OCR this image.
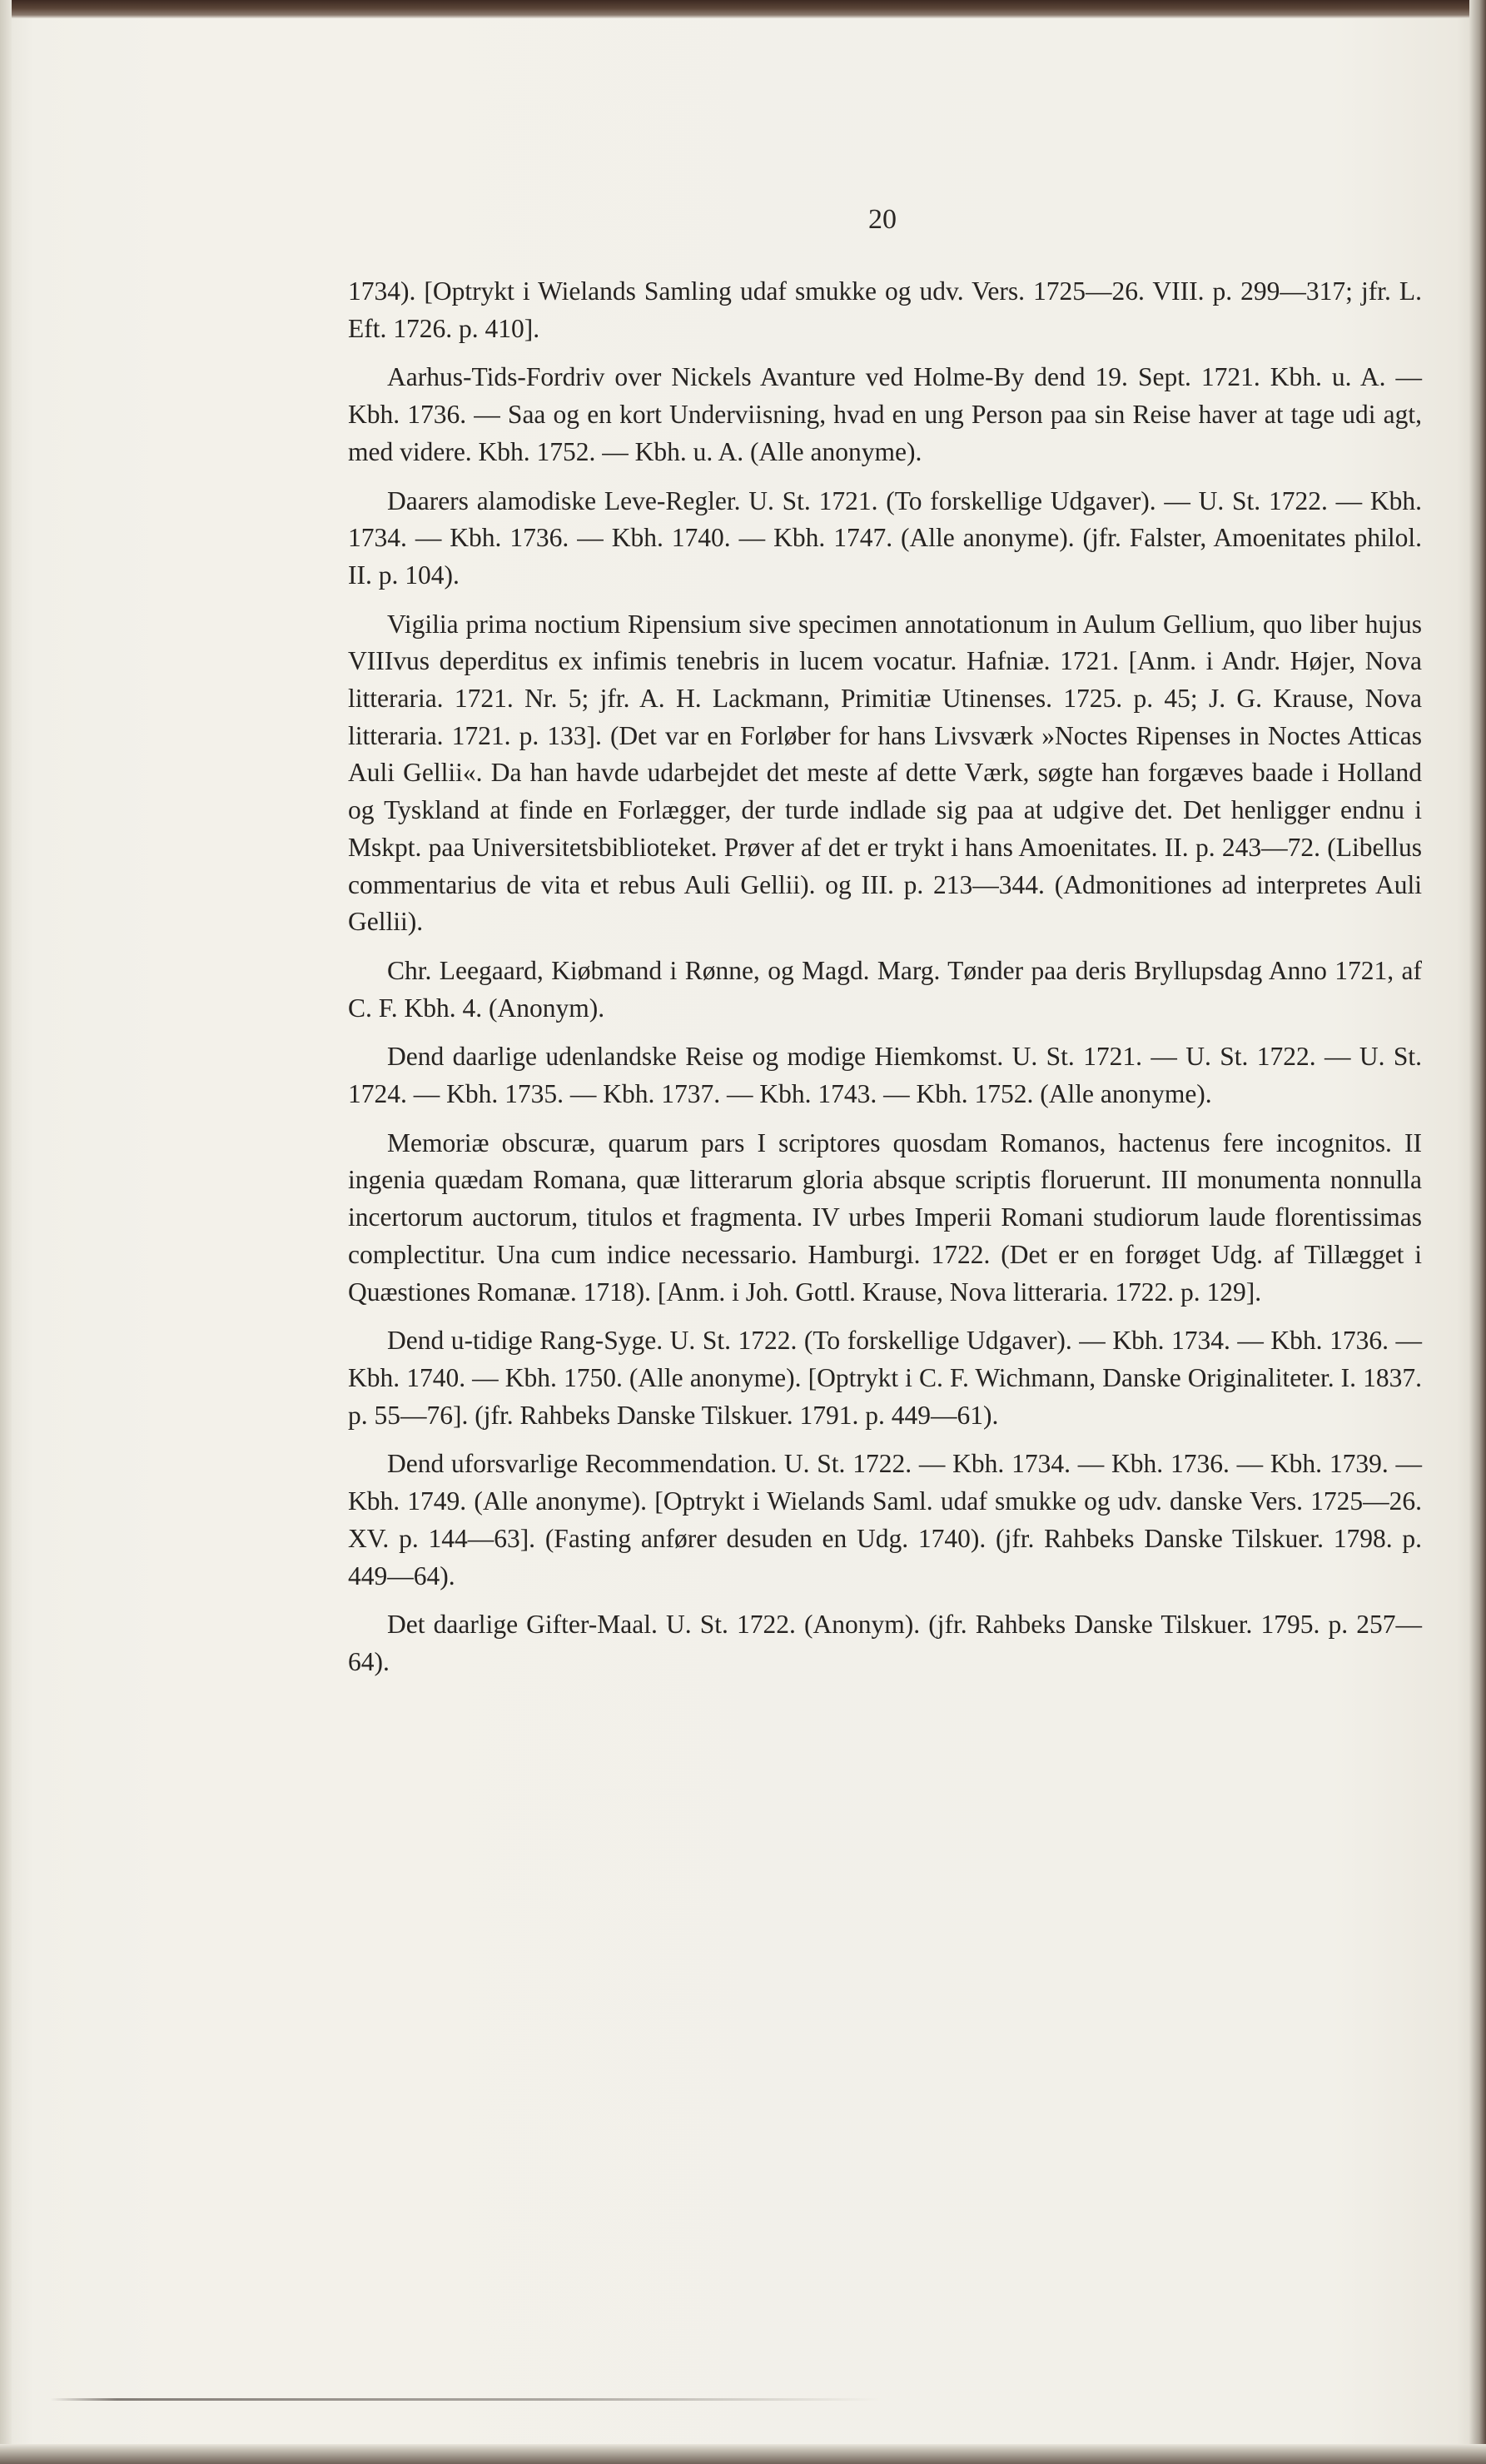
20

1734). [Optrykt i Wielands Samling udaf smukke og udv. Vers. 1725—26. VIII. p. 299—317; jfr. L. Eft. 1726. p. 410].

Aarhus-Tids-Fordriv over Nickels Avanture ved Holme-By dend 19. Sept. 1721. Kbh. u. A. — Kbh. 1736. — Saa og en kort Underviisning, hvad en ung Person paa sin Reise haver at tage udi agt, med videre. Kbh. 1752. — Kbh. u. A. (Alle anonyme).

Daarers alamodiske Leve-Regler. U. St. 1721. (To forskellige Udgaver). — U. St. 1722. — Kbh. 1734. — Kbh. 1736. — Kbh. 1740. — Kbh. 1747. (Alle anonyme). (jfr. Falster, Amoenitates philol. II. p. 104).

Vigilia prima noctium Ripensium sive specimen annotationum in Aulum Gellium, quo liber hujus VIIIvus deperditus ex infimis tenebris in lucem vocatur. Hafniæ. 1721. [Anm. i Andr. Højer, Nova litteraria. 1721. Nr. 5; jfr. A. H. Lackmann, Primitiæ Utinenses. 1725. p. 45; J. G. Krause, Nova litteraria. 1721. p. 133]. (Det var en Forløber for hans Livsværk »Noctes Ripenses in Noctes Atticas Auli Gellii«. Da han havde udarbejdet det meste af dette Værk, søgte han forgæves baade i Holland og Tyskland at finde en Forlægger, der turde indlade sig paa at udgive det. Det henligger endnu i Mskpt. paa Universitetsbiblioteket. Prøver af det er trykt i hans Amoenitates. II. p. 243—72. (Libellus commentarius de vita et rebus Auli Gellii). og III. p. 213—344. (Admonitiones ad interpretes Auli Gellii).

Chr. Leegaard, Kiøbmand i Rønne, og Magd. Marg. Tønder paa deris Bryllupsdag Anno 1721, af C. F. Kbh. 4. (Anonym).

Dend daarlige udenlandske Reise og modige Hiemkomst. U. St. 1721. — U. St. 1722. — U. St. 1724. — Kbh. 1735. — Kbh. 1737. — Kbh. 1743. — Kbh. 1752. (Alle anonyme).

Memoriæ obscuræ, quarum pars I scriptores quosdam Romanos, hactenus fere incognitos. II ingenia quædam Romana, quæ litterarum gloria absque scriptis floruerunt. III monumenta nonnulla incertorum auctorum, titulos et fragmenta. IV urbes Imperii Romani studiorum laude florentissimas complectitur. Una cum indice necessario. Hamburgi. 1722. (Det er en forøget Udg. af Tillægget i Quæstiones Romanæ. 1718). [Anm. i Joh. Gottl. Krause, Nova litteraria. 1722. p. 129].

Dend u-tidige Rang-Syge. U. St. 1722. (To forskellige Udgaver). — Kbh. 1734. — Kbh. 1736. — Kbh. 1740. — Kbh. 1750. (Alle anonyme). [Optrykt i C. F. Wichmann, Danske Originaliteter. I. 1837. p. 55—76]. (jfr. Rahbeks Danske Tilskuer. 1791. p. 449—61).

Dend uforsvarlige Recommendation. U. St. 1722. — Kbh. 1734. — Kbh. 1736. — Kbh. 1739. — Kbh. 1749. (Alle anonyme). [Optrykt i Wielands Saml. udaf smukke og udv. danske Vers. 1725—26. XV. p. 144—63]. (Fasting anfører desuden en Udg. 1740). (jfr. Rahbeks Danske Tilskuer. 1798. p. 449—64).

Det daarlige Gifter-Maal. U. St. 1722. (Anonym). (jfr. Rahbeks Danske Tilskuer. 1795. p. 257—64).
